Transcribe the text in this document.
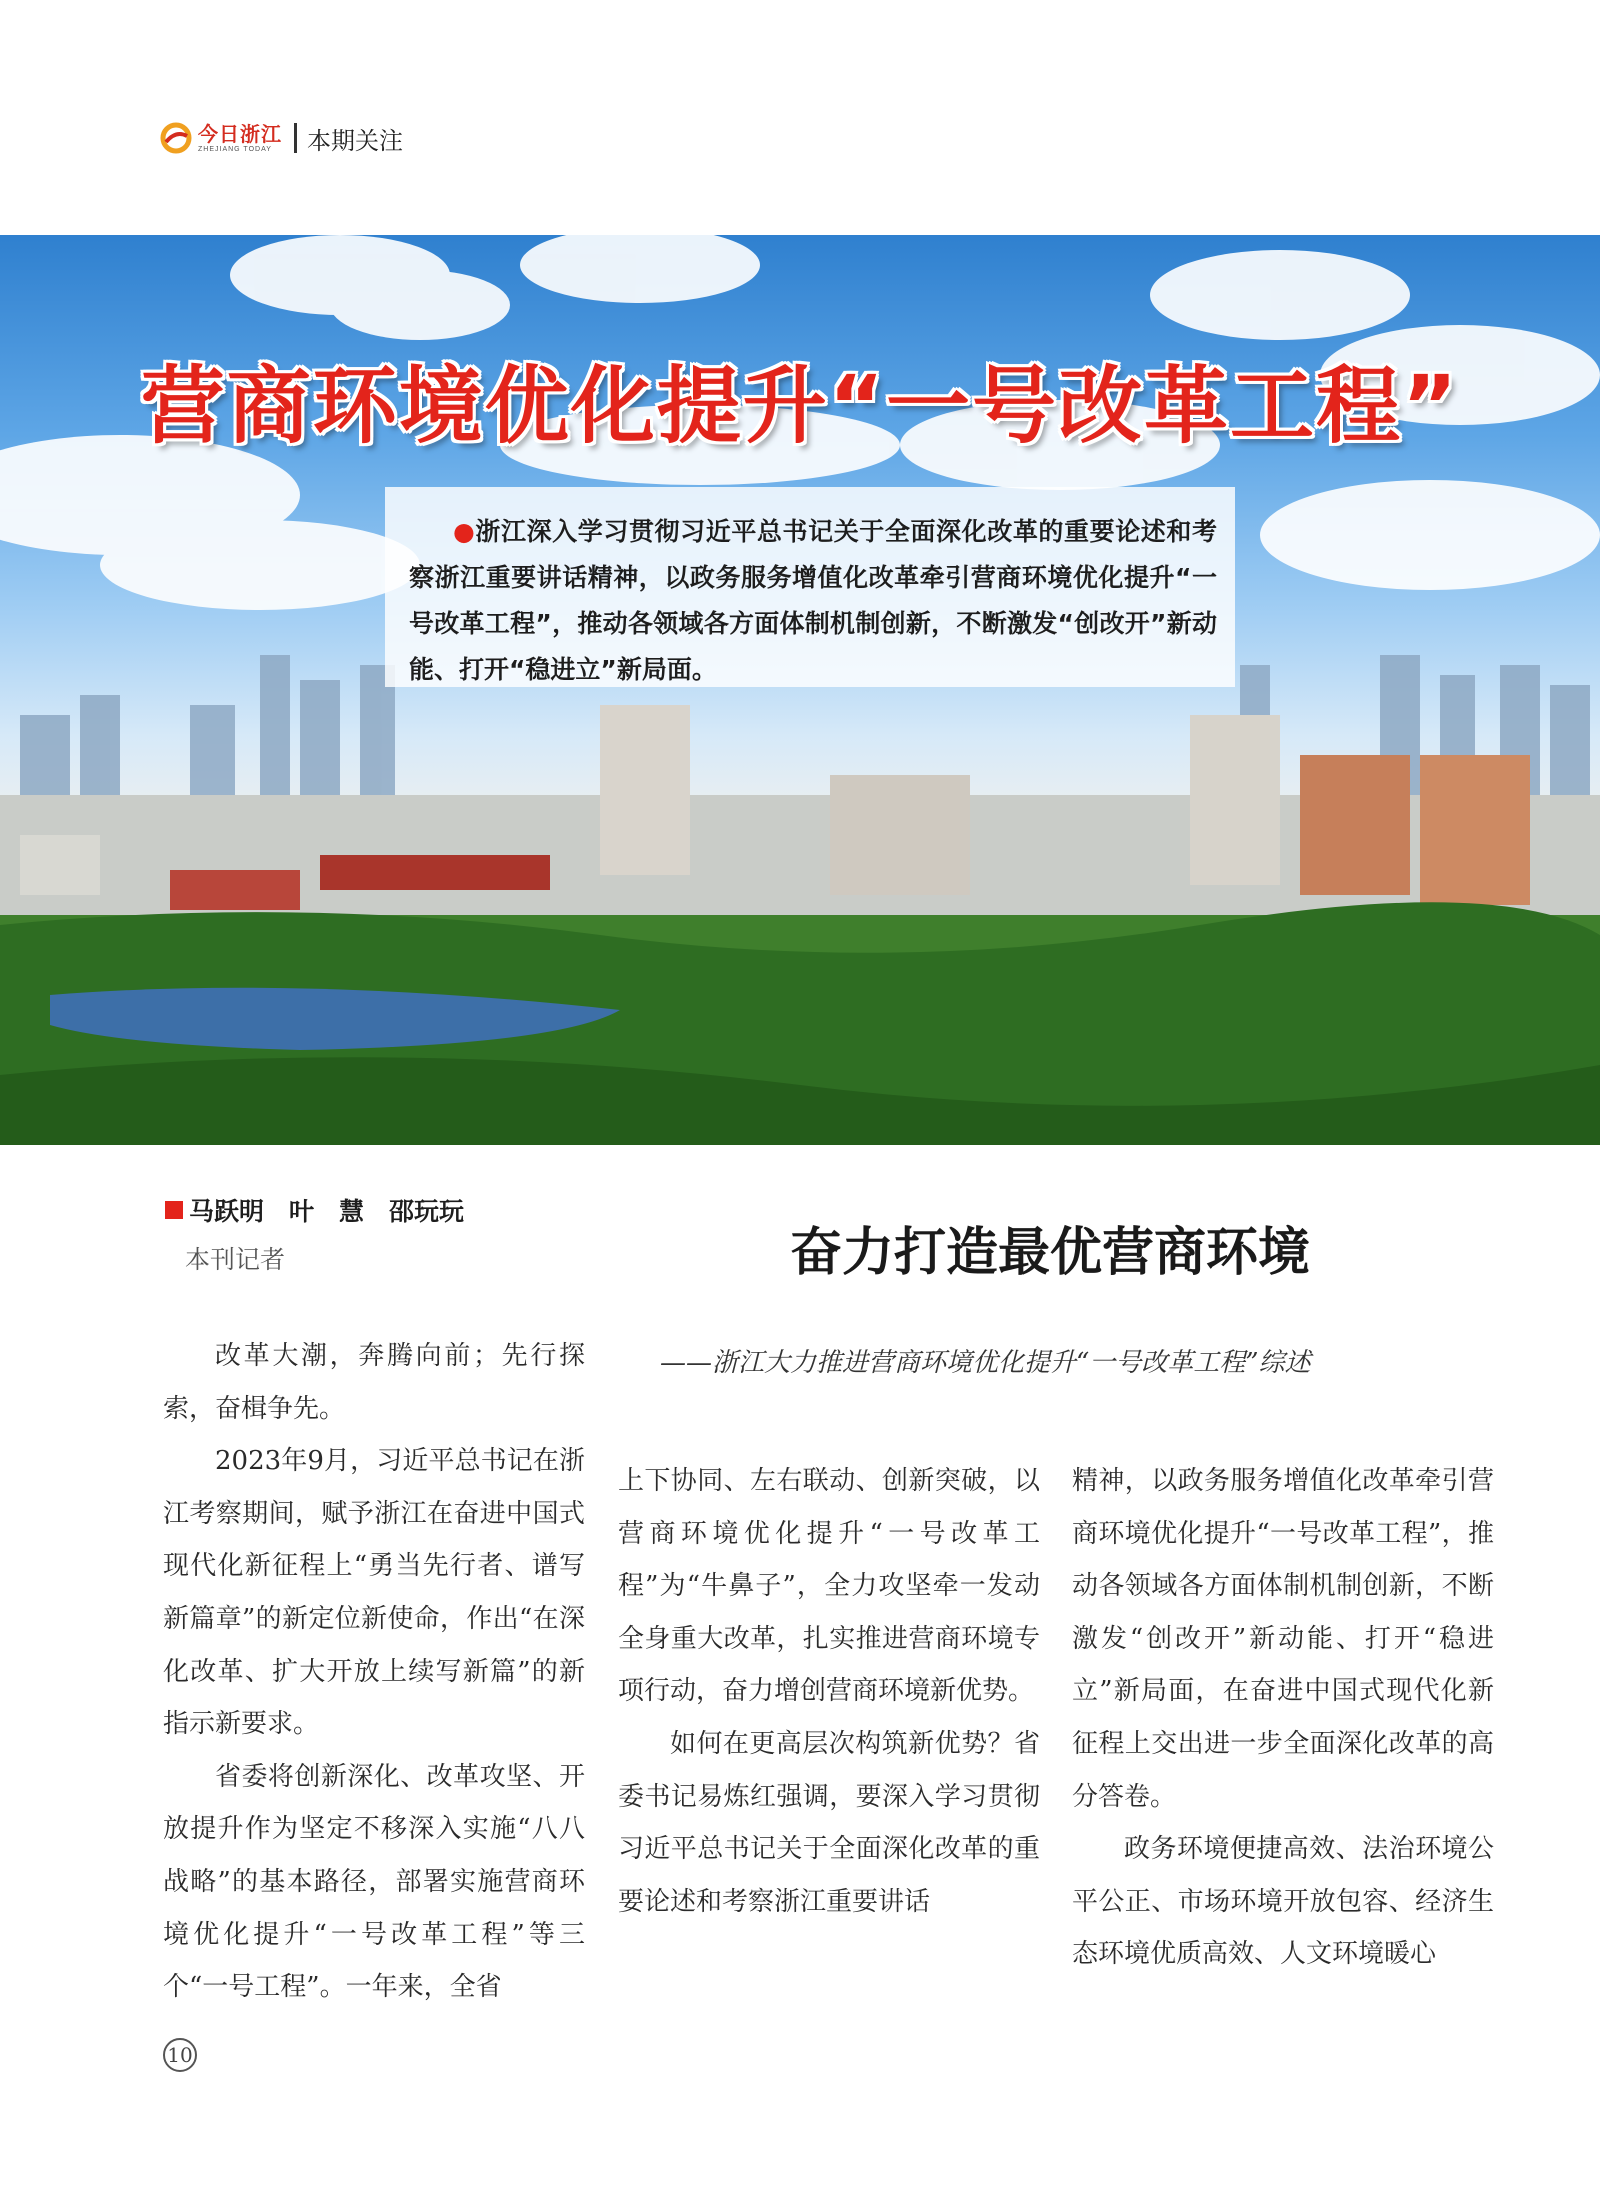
今日浙江
ZHEJIANG TODAY	本期关注
营商环境优化提升“一号改革工程”

●浙江深入学习贯彻习近平总书记关于全面深化改革的重要论述和考察浙江重要讲话精神，以政务服务增值化改革牵引营商环境优化提升“一号改革工程”，推动各领域各方面体制机制创新，不断激发“创改开”新动能、打开“稳进立”新局面。

马跃明　叶　慧　邵玩玩
本刊记者	奋力打造最优营商环境
——浙江大力推进营商环境优化提升“一号改革工程”综述

改革大潮，奔腾向前；先行探索，奋楫争先。

2023年9月，习近平总书记在浙江考察期间，赋予浙江在奋进中国式现代化新征程上“勇当先行者、谱写新篇章”的新定位新使命，作出“在深化改革、扩大开放上续写新篇”的新指示新要求。

省委将创新深化、改革攻坚、开放提升作为坚定不移深入实施“八八战略”的基本路径，部署实施营商环境优化提升“一号改革工程”等三个“一号工程”。一年来，全省

上下协同、左右联动、创新突破，以营商环境优化提升“一号改革工程”为“牛鼻子”，全力攻坚牵一发动全身重大改革，扎实推进营商环境专项行动，奋力增创营商环境新优势。

如何在更高层次构筑新优势？省委书记易炼红强调，要深入学习贯彻习近平总书记关于全面深化改革的重要论述和考察浙江重要讲话

精神，以政务服务增值化改革牵引营商环境优化提升“一号改革工程”，推动各领域各方面体制机制创新，不断激发“创改开”新动能、打开“稳进立”新局面，在奋进中国式现代化新征程上交出进一步全面深化改革的高分答卷。

政务环境便捷高效、法治环境公平公正、市场环境开放包容、经济生态环境优质高效、人文环境暖心

10
